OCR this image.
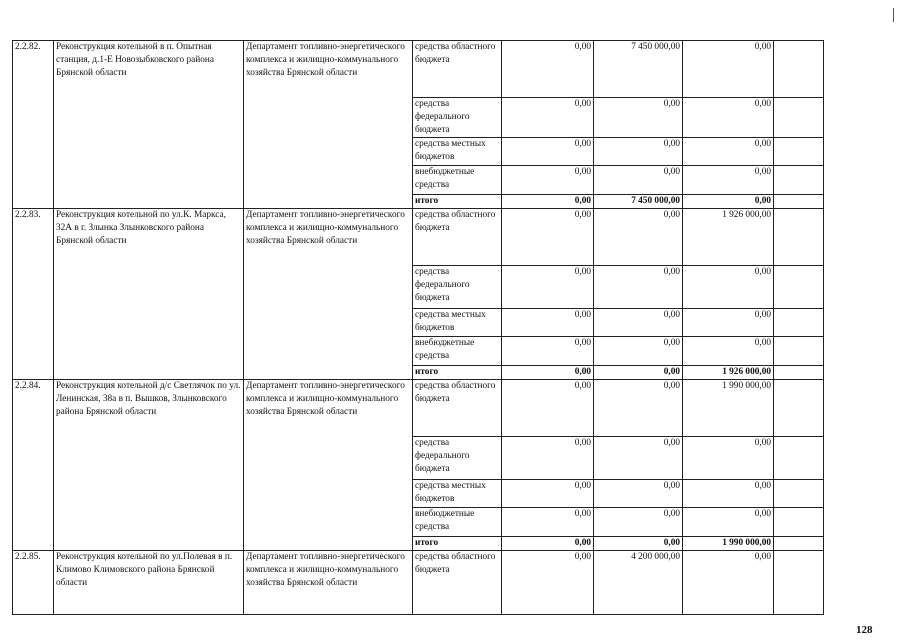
2.2.82.	Реконструкция котельной в п. Опытная станция, д.1-Е Новозыбковского района Брянской области	Департамент топливно-энергетического комплекса и жилищно-коммунального хозяйства Брянской области	средства областного бюджета	0,00	7 450 000,00	0,00	
			средства федерального бюджета	0,00	0,00	0,00	
			средства местных бюджетов	0,00	0,00	0,00	
			внебюджетные средства	0,00	0,00	0,00	
			итого	0,00	7 450 000,00	0,00	
2.2.83.	Реконструкция котельной по ул.К. Маркса, 32А в г. Злынка Злынковского района Брянской области	Департамент топливно-энергетического комплекса и жилищно-коммунального хозяйства Брянской области	средства областного бюджета	0,00	0,00	1 926 000,00	
			средства федерального бюджета	0,00	0,00	0,00	
			средства местных бюджетов	0,00	0,00	0,00	
			внебюджетные средства	0,00	0,00	0,00	
			итого	0,00	0,00	1 926 000,00	
2.2.84.	Реконструкция котельной д/с Светлячок по ул. Ленинская, 38а в п. Вышков, Злынковского района Брянской области	Департамент топливно-энергетического комплекса и жилищно-коммунального хозяйства Брянской области	средства областного бюджета	0,00	0,00	1 990 000,00	
			средства федерального бюджета	0,00	0,00	0,00	
			средства местных бюджетов	0,00	0,00	0,00	
			внебюджетные средства	0,00	0,00	0,00	
			итого	0,00	0,00	1 990 000,00	
2.2.85.	Реконструкция котельной по ул.Полевая в п. Климово Климовского района Брянской области	Департамент топливно-энергетического комплекса и жилищно-коммунального хозяйства Брянской области	средства областного бюджета	0,00	4 200 000,00	0,00	
128
